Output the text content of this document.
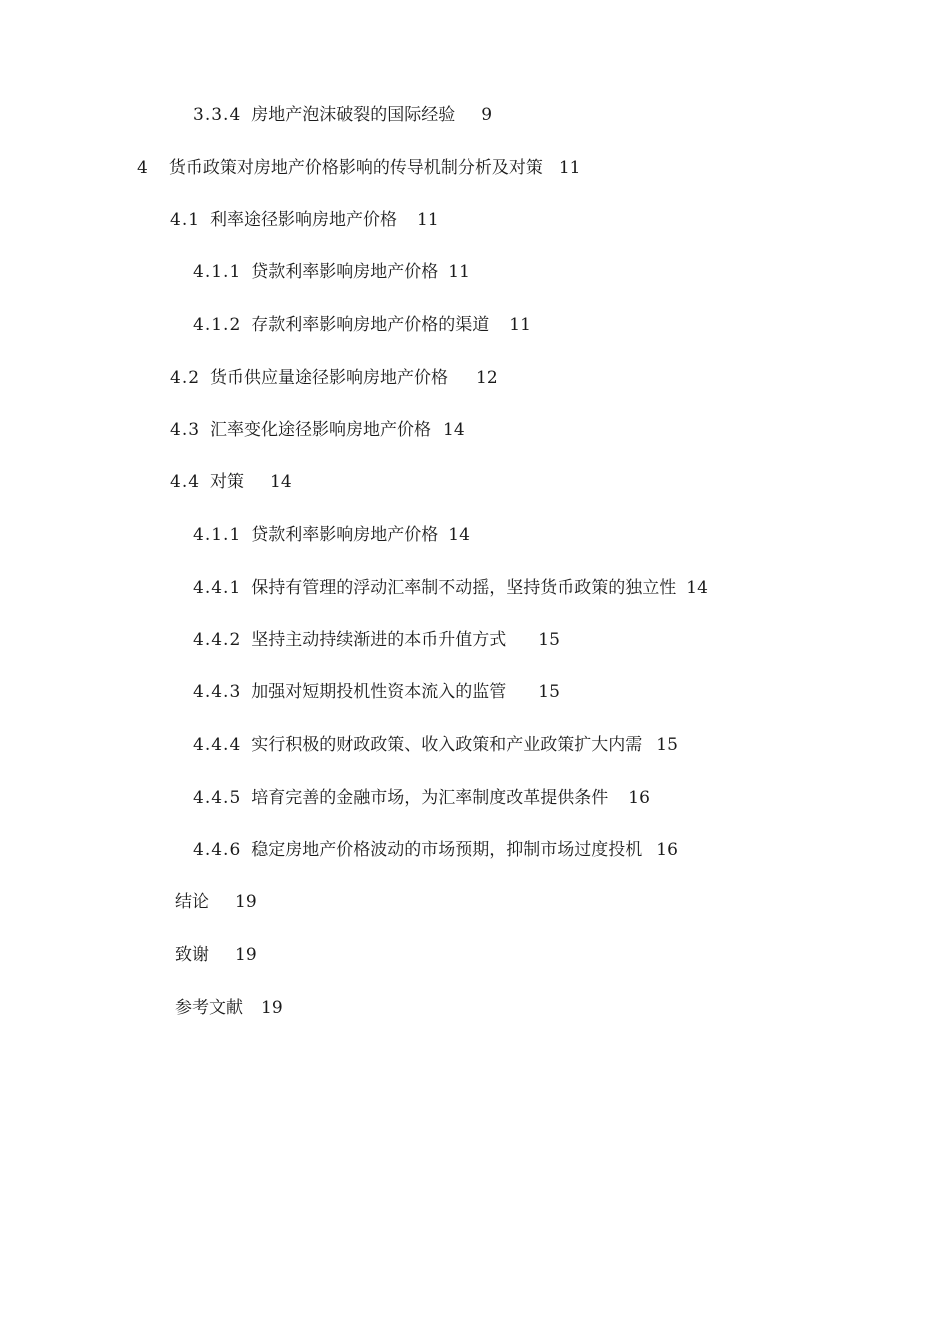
3.3.4 房地产泡沫破裂的国际经验 9
4 货币政策对房地产价格影响的传导机制分析及对策 11
4.1 利率途径影响房地产价格 11
4.1.1 贷款利率影响房地产价格 11
4.1.2 存款利率影响房地产价格的渠道 11
4.2 货币供应量途径影响房地产价格 12
4.3 汇率变化途径影响房地产价格 14
4.4 对策 14
4.1.1 贷款利率影响房地产价格 14
4.4.1 保持有管理的浮动汇率制不动摇，坚持货币政策的独立性 14
4.4.2 坚持主动持续渐进的本币升值方式 15
4.4.3 加强对短期投机性资本流入的监管 15
4.4.4 实行积极的财政政策、收入政策和产业政策扩大内需 15
4.4.5 培育完善的金融市场，为汇率制度改革提供条件 16
4.4.6 稳定房地产价格波动的市场预期，抑制市场过度投机 16
结论 19
致谢 19
参考文献 19
